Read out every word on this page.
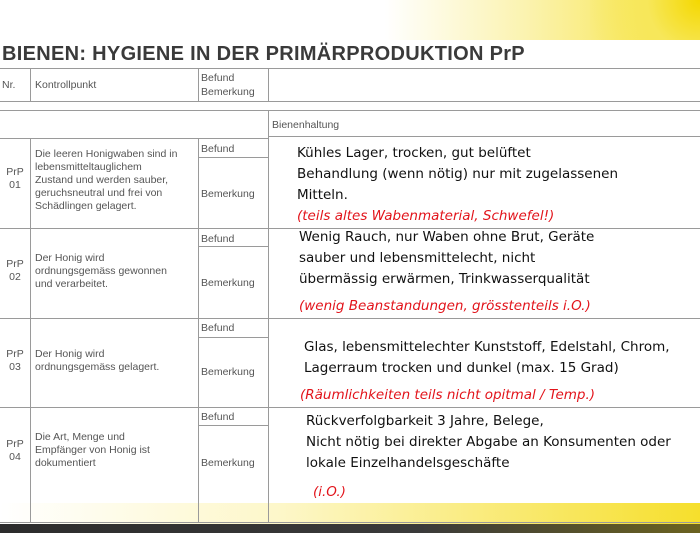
BIENEN: HYGIENE IN DER PRIMÄRPRODUKTION PrP
Nr. Kontrollpunkt
Befund
Bemerkung
Bienenhaltung
PrP
01
Die leeren Honigwaben sind in
lebensmitteltauglichem
Zustand und werden sauber,
geruchsneutral und frei von
Schädlingen gelagert.
Befund
Bemerkung
PrP
02
Der Honig wird
ordnungsgemäss gewonnen
und verarbeitet.
Befund
Bemerkung
PrP
03
Der Honig wird
ordnungsgemäss gelagert.
Befund
Bemerkung
PrP
04
Die Art, Menge und
Empfänger von Honig ist
dokumentiert
Befund
Bemerkung
Kühles Lager, trocken, gut belüftet
Behandlung (wenn nötig) nur mit zugelassenen
Mitteln.
(teils altes Wabenmaterial, Schwefel!)
Wenig Rauch, nur Waben ohne Brut, Geräte
sauber und lebensmittelecht, nicht
übermässig erwärmen, Trinkwasserqualität
(wenig Beanstandungen, grösstenteils i.O.)
Glas, lebensmittelechter Kunststoff, Edelstahl, Chrom,
Lagerraum trocken und dunkel (max. 15 Grad)
(Räumlichkeiten teils nicht opitmal / Temp.)
Rückverfolgbarkeit 3 Jahre, Belege,
Nicht nötig bei direkter Abgabe an Konsumenten oder
lokale Einzelhandelsgeschäfte
(i.O.)
